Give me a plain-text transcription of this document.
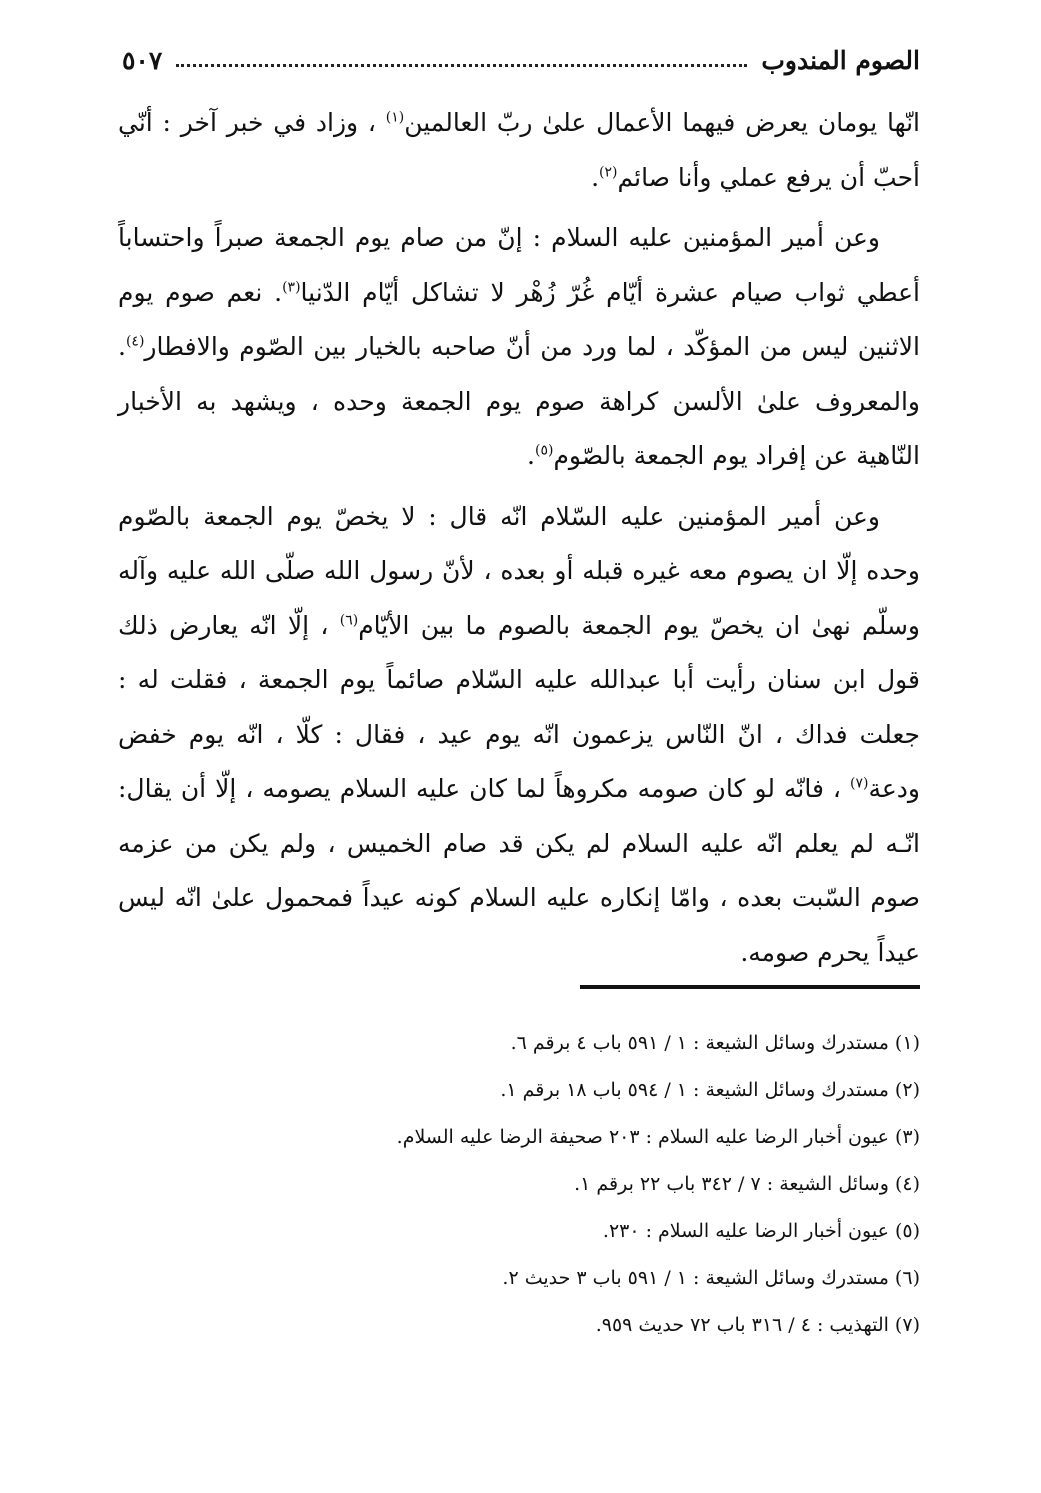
الصوم المندوب
٥٠٧

انّها يومان يعرض فيهما الأعمال علىٰ ربّ العالمين$^{(١)}$ ، وزاد في خبر آخر : أنّي أحبّ أن يرفع عملي وأنا صائم$^{(٢)}$.

وعن أمير المؤمنين عليه السلام : إنّ من صام يوم الجمعة صبراً واحتساباً أعطي ثواب صيام عشرة أيّام غُرّ زُهْر لا تشاكل أيّام الدّنيا$^{(٣)}$. نعم صوم يوم الاثنين ليس من المؤكّد ، لما ورد من أنّ صاحبه بالخيار بين الصّوم والافطار$^{(٤)}$. والمعروف علىٰ الألسن كراهة صوم يوم الجمعة وحده ، ويشهد به الأخبار النّاهية عن إفراد يوم الجمعة بالصّوم$^{(٥)}$.

وعن أمير المؤمنين عليه السّلام انّه قال : لا يخصّ يوم الجمعة بالصّوم وحده إلّا ان يصوم معه غيره قبله أو بعده ، لأنّ رسول الله صلّى الله عليه وآله وسلّم نهىٰ ان يخصّ يوم الجمعة بالصوم ما بين الأيّام$^{(٦)}$ ، إلّا انّه يعارض ذلك قول ابن سنان رأيت أبا عبدالله عليه السّلام صائماً يوم الجمعة ، فقلت له : جعلت فداك ، انّ النّاس يزعمون انّه يوم عيد ، فقال : كلّا ، انّه يوم خفض ودعة$^{(٧)}$ ، فانّه لو كان صومه مكروهاً لما كان عليه السلام يصومه ، إلّا أن يقال: انّـه لم يعلم انّه عليه السلام لم يكن قد صام الخميس ، ولم يكن من عزمه صوم السّبت بعده ، وامّا إنكاره عليه السلام كونه عيداً فمحمول علىٰ انّه ليس عيداً يحرم صومه.

(١) مستدرك وسائل الشيعة : ١ / ٥٩١ باب ٤ برقم ٦.
(٢) مستدرك وسائل الشيعة : ١ / ٥٩٤ باب ١٨ برقم ١.
(٣) عيون أخبار الرضا عليه السلام : ٢٠٣ صحيفة الرضا عليه السلام.
(٤) وسائل الشيعة : ٧ / ٣٤٢ باب ٢٢ برقم ١.
(٥) عيون أخبار الرضا عليه السلام : ٢٣٠.
(٦) مستدرك وسائل الشيعة : ١ / ٥٩١ باب ٣ حديث ٢.
(٧) التهذيب : ٤ / ٣١٦ باب ٧٢ حديث ٩٥٩.
